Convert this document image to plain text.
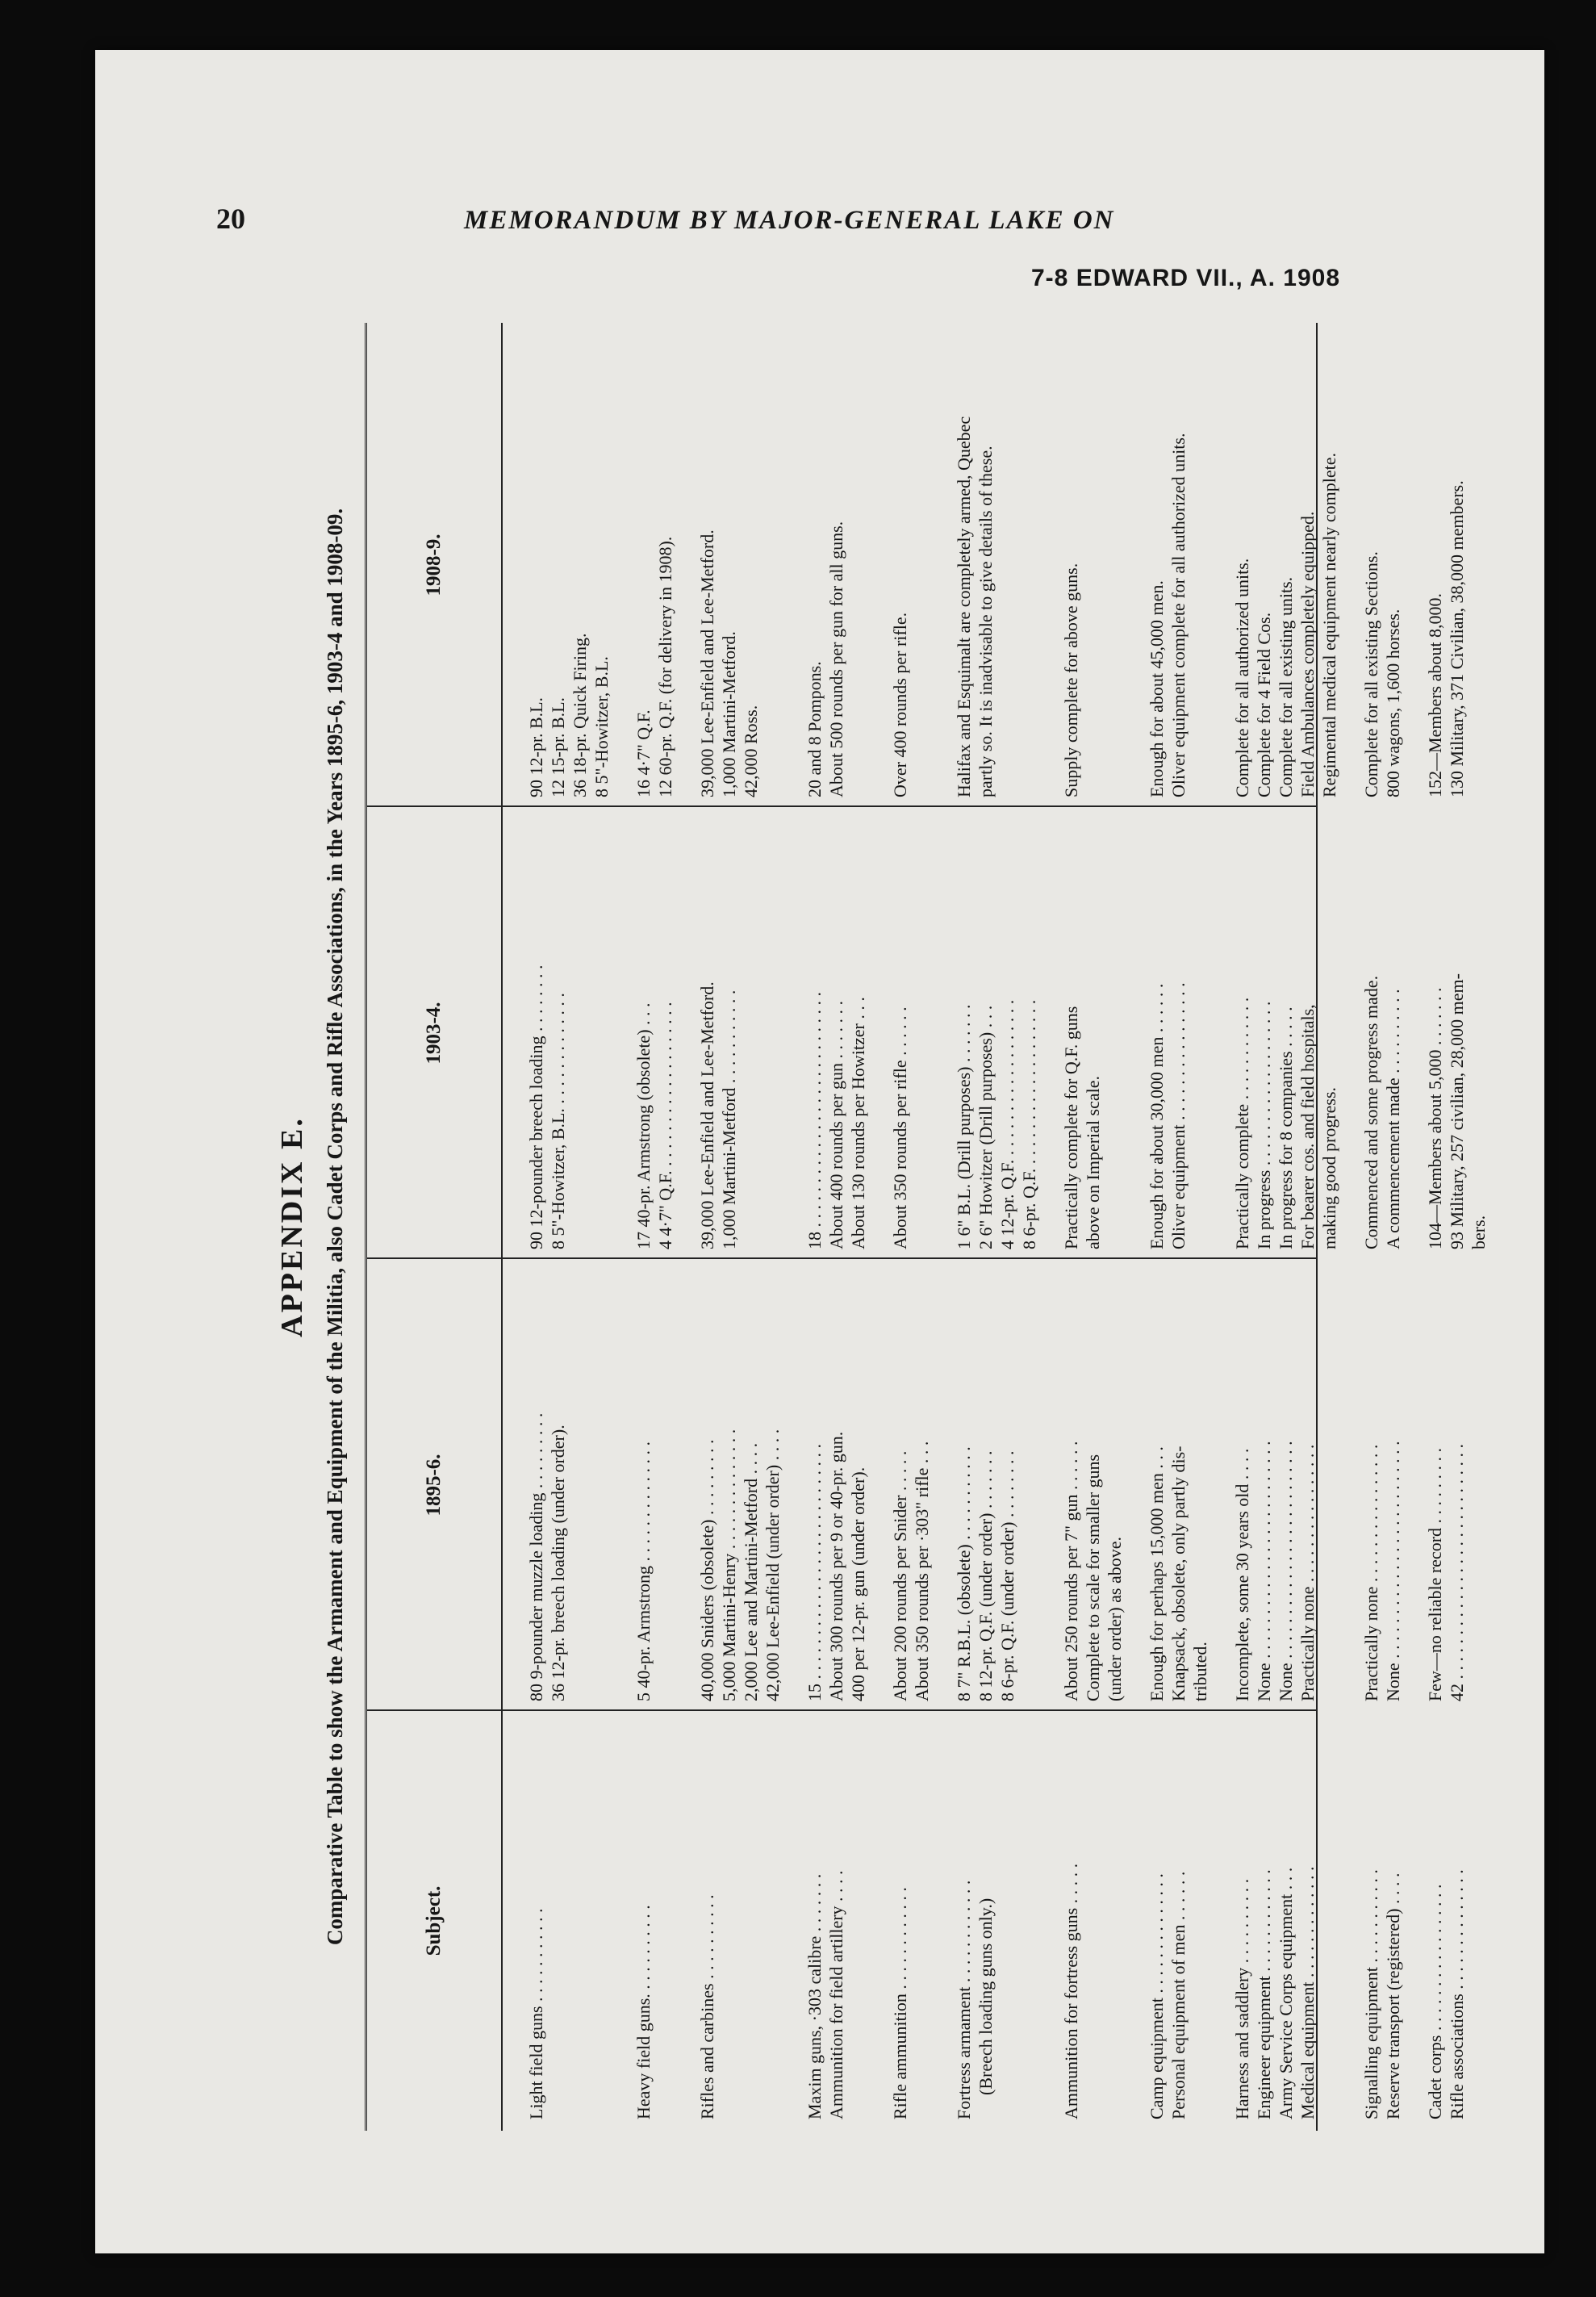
20	MEMORANDUM BY MAJOR-GENERAL LAKE ON
7-8 EDWARD VII., A. 1908
APPENDIX E. Comparative Table to show the Armament and Equipment of the Militia, also Cadet Corps and Rifle Associations, in the Years 1895-6, 1903-4 and 1908-09.	Subject.
1895-6.
1903-4.
1908-9.
Light field guns . . . . . . . . . . .
80 9-pounder muzzle loading . . . . . . . . . 36 12-pr. breech loading (under order).
90 12-pounder breech loading . . . . . . . . 8 5"-Howitzer, B.L. . . . . . . . . . . . . .
90 12-pr. B.L. 12 15-pr. B.L. 36 18-pr. Quick Firing. 8 5"-Howitzer, B.L.
Heavy field guns. . . . . . . . . . .
5 40-pr. Armstrong . . . . . . . . . . . . . .
17 40-pr. Armstrong (obsolete) . . . 4 4·7" Q.F. . . . . . . . . . . . . . . . . . . .
16 4·7" Q.F. 12 60-pr. Q.F. (for delivery in 1908).
Rifles and carbines . . . . . . . . . .
40,000 Sniders (obsolete) . . . . . . . . . 5,000 Martini-Henry . . . . . . . . . . . . . . 2,000 Lee and Martini-Metford . . . . 42,000 Lee-Enfield (under order) . . . .
39,000 Lee-Enfield and Lee-Metford. 1,000 Martini-Metford . . . . . . . . . . .
39,000 Lee-Enfield and Lee-Metford. 1,000 Martini-Metford. 42,000 Ross.
Maxim guns, ·303 calibre . . . . . . . Ammunition for field artillery . . . .
15 . . . . . . . . . . . . . . . . . . . . . . . . . . . About 300 rounds per 9 or 40-pr. gun. 400 per 12-pr. gun (under order).
18 . . . . . . . . . . . . . . . . . . . . . . . . . . . About 400 rounds per gun . . . . . . . About 130 rounds per Howitzer . . .
20 and 8 Pompons. About 500 rounds per gun for all guns.
Rifle ammunition . . . . . . . . . . . .
About 200 rounds per Snider . . . . . About 350 rounds per ·303" rifle . . .
About 350 rounds per rifle . . . . . .
Over 400 rounds per rifle.
Fortress armament . . . . . . . . . . . . (Breech loading guns only.)
8 7" R.B.L. (obsolete) . . . . . . . . . . . 8 12-pr. Q.F. (under order) . . . . . . . 8 6-pr. Q.F. (under order) . . . . . . . .
1 6" B.L. (Drill purposes) . . . . . . . 2 6" Howitzer (Drill purposes) . . . 4 12-pr. Q.F. . . . . . . . . . . . . . . . . . . 8 6-pr. Q.F. . . . . . . . . . . . . . . . . . . .
Halifax and Esquimalt are completely armed, Quebec partly so. It is inadvisable to give details of these.
Ammunition for fortress guns . . . . .
About 250 rounds per 7" gun . . . . . . Complete to scale for smaller guns (under order) as above.
Practically complete for Q.F. guns above on Imperial scale.
Supply complete for above guns.
Camp equipment . . . . . . . . . . . . . . Personal equipment of men . . . . . .
Enough for perhaps 15,000 men . . . Knapsack, obsolete, only partly dis- tributed.
Enough for about 30,000 men . . . . . . Oliver equipment . . . . . . . . . . . . . . . .
Enough for about 45,000 men. Oliver equipment complete for all authorized units.
Harness and saddlery . . . . . . . . . . Engineer equipment . . . . . . . . . . . . Army Service Corps equipment . . . Medical equipment . . . . . . . . . . . . .
Incomplete, some 30 years old . . . . None . . . . . . . . . . . . . . . . . . . . . . . . . None . . . . . . . . . . . . . . . . . . . . . . . . . Practically none . . . . . . . . . . . . . . . .
Practically complete . . . . . . . . . . . . In progress . . . . . . . . . . . . . . . . . . . In progress for 8 companies . . . . . For bearer cos. and field hospitals, making good progress.
Complete for all authorized units. Complete for 4 Field Cos. Complete for all existing units. Field Ambulances completely equipped. Regimental medical equipment nearly complete.
Signalling equipment . . . . . . . . . . . Reserve transport (registered) . . . .
Practically none . . . . . . . . . . . . . . . . None . . . . . . . . . . . . . . . . . . . . . . . . .
Commenced and some progress made. A commencement made . . . . . . . . . .
Complete for all existing Sections. 800 wagons, 1,600 horses.
Cadet corps . . . . . . . . . . . . . . . . . Rifle associations . . . . . . . . . . . . . .
Few—no reliable record . . . . . . . . . 42 . . . . . . . . . . . . . . . . . . . . . . . . . . .
104—Members about 5,000 . . . . . . . 93 Military, 257 civilian, 28,000 mem- bers.
152—Members about 8,000. 130 Military, 371 Civilian, 38,000 members.
